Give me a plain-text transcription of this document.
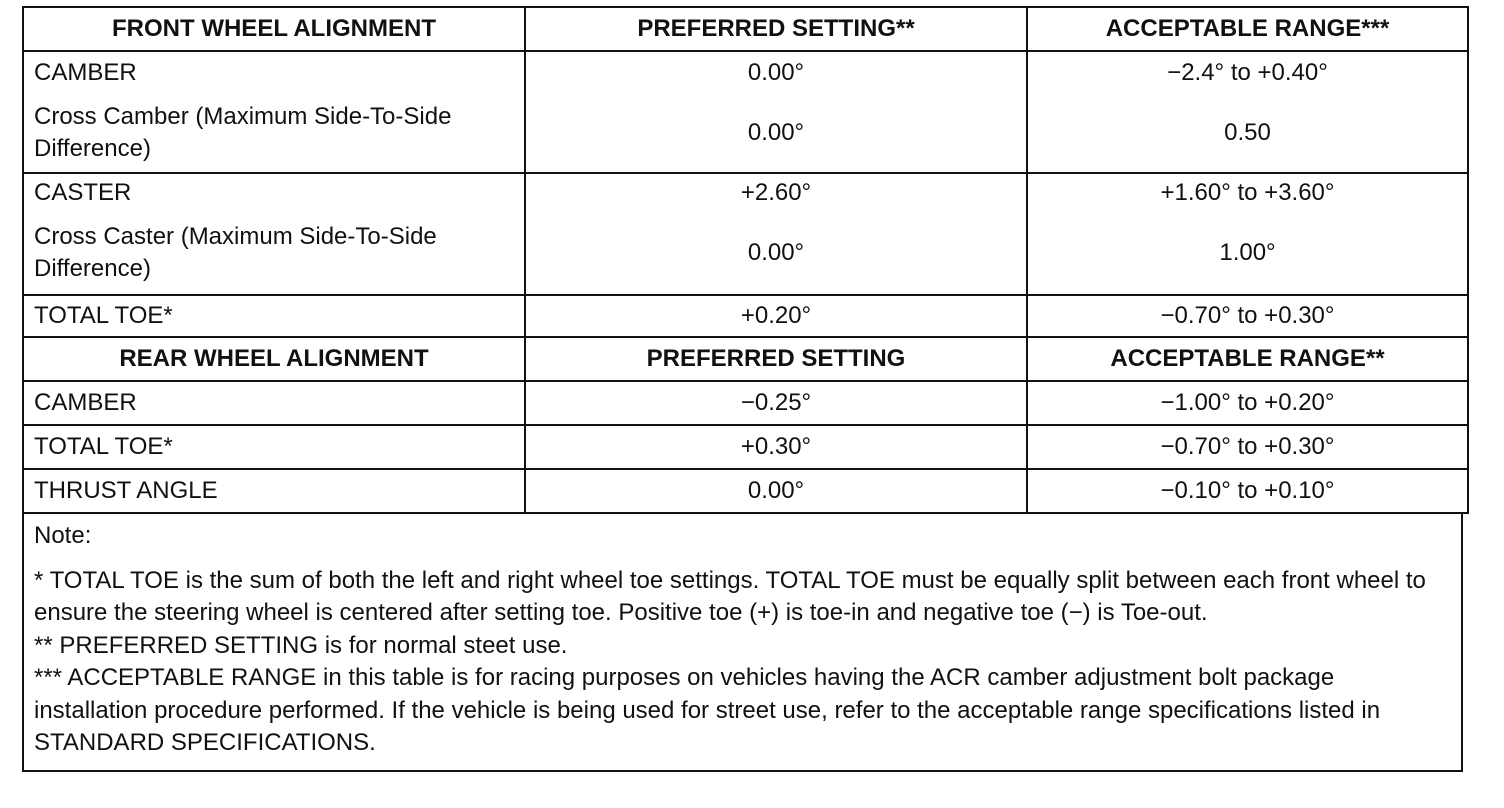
FRONT WHEEL ALIGNMENT	PREFERRED SETTING**	ACCEPTABLE RANGE***
CAMBER	0.00°	−2.4° to +0.40°
Cross Camber (Maximum Side-To-Side Difference)	0.00°	0.50
CASTER	+2.60°	+1.60° to +3.60°
Cross Caster (Maximum Side-To-Side Difference)	0.00°	1.00°
TOTAL TOE*	+0.20°	−0.70° to +0.30°
REAR WHEEL ALIGNMENT	PREFERRED SETTING	ACCEPTABLE RANGE**
CAMBER	−0.25°	−1.00° to +0.20°
TOTAL TOE*	+0.30°	−0.70° to +0.30°
THRUST ANGLE	0.00°	−0.10° to +0.10°

Note:

* TOTAL TOE is the sum of both the left and right wheel toe settings. TOTAL TOE must be equally split between each front wheel to ensure the steering wheel is centered after setting toe. Positive toe (+) is toe-in and negative toe (−) is Toe-out.

** PREFERRED SETTING is for normal steet use.

*** ACCEPTABLE RANGE in this table is for racing purposes on vehicles having the ACR camber adjustment bolt package installation procedure performed. If the vehicle is being used for street use, refer to the acceptable range specifications listed in STANDARD SPECIFICATIONS.
